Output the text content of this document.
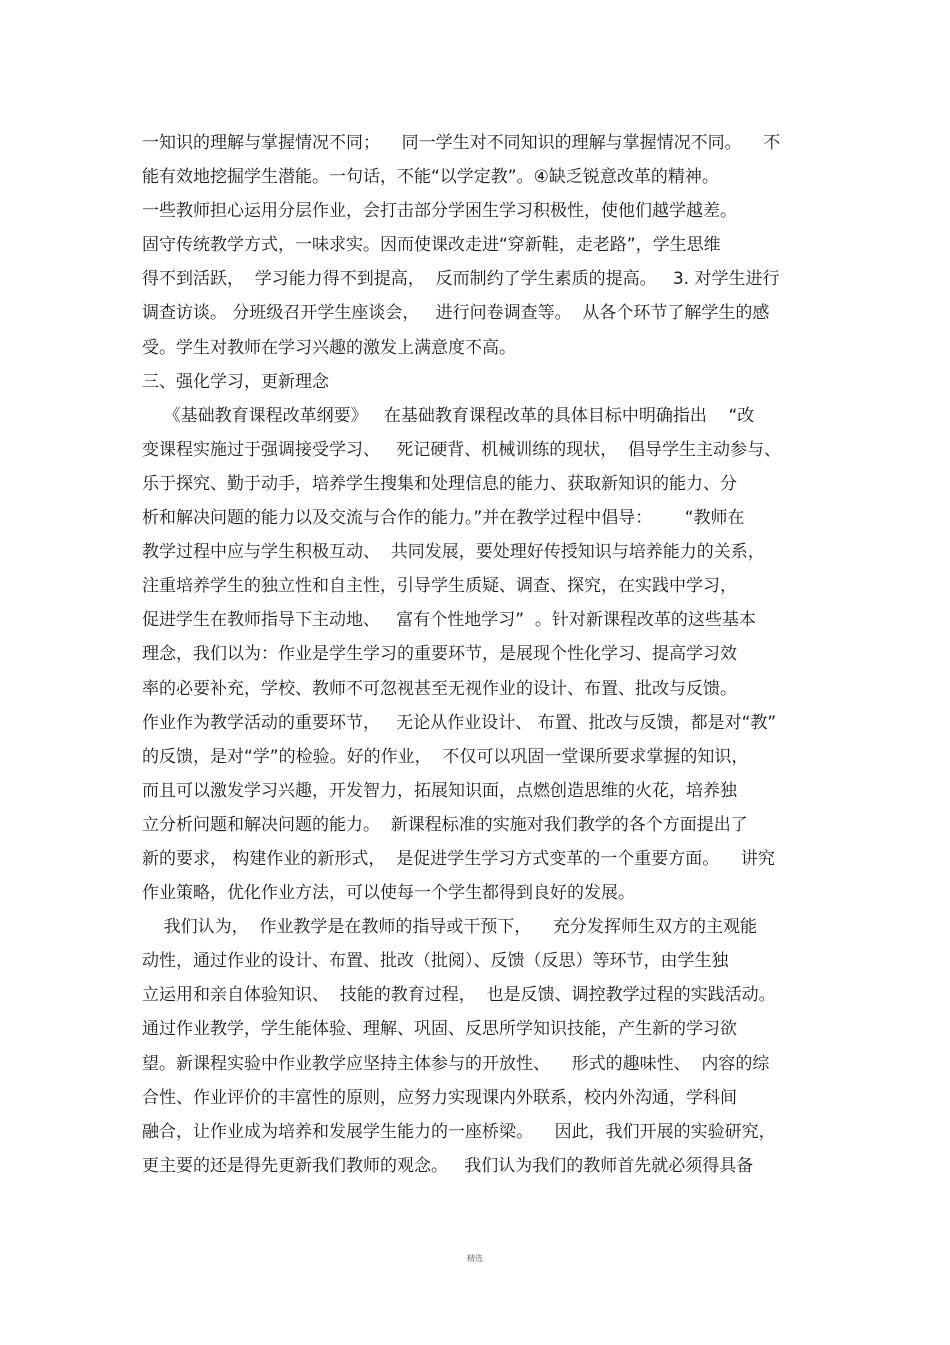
一知识的理解与掌握情况不同；    同一学生对不同知识的理解与掌握情况不同。    不
能有效地挖掘学生潜能。一句话，不能“以学定教”。④缺乏锐意改革的精神。
一些教师担心运用分层作业，会打击部分学困生学习积极性，使他们越学越差。
固守传统教学方式，一味求实。因而使课改走进“穿新鞋，走老路”，学生思维
得不到活跃，  学习能力得不到提高，  反而制约了学生素质的提高。   3. 对学生进行
调查访谈。 分班级召开学生座谈会，   进行问卷调查等。  从各个环节了解学生的感
受。学生对教师在学习兴趣的激发上满意度不高。
三、强化学习，更新理念
《基础教育课程改革纲要》   在基础教育课程改革的具体目标中明确指出    “改
变课程实施过于强调接受学习、   死记硬背、机械训练的现状，  倡导学生主动参与、
乐于探究、勤于动手，培养学生搜集和处理信息的能力、获取新知识的能力、分
析和解决问题的能力以及交流与合作的能力。”并在教学过程中倡导：      “教师在
教学过程中应与学生积极互动、  共同发展，要处理好传授知识与培养能力的关系，
注重培养学生的独立性和自主性，引导学生质疑、调查、探究，在实践中学习，
促进学生在教师指导下主动地、   富有个性地学习”  。针对新课程改革的这些基本
理念，我们以为：作业是学生学习的重要环节，是展现个性化学习、提高学习效
率的必要补充，学校、教师不可忽视甚至无视作业的设计、布置、批改与反馈。
作业作为教学活动的重要环节，   无论从作业设计、 布置、批改与反馈，都是对“教”
的反馈，是对“学”的检验。好的作业，  不仅可以巩固一堂课所要求掌握的知识，
而且可以激发学习兴趣，开发智力，拓展知识面，点燃创造思维的火花，培养独
立分析问题和解决问题的能力。  新课程标准的实施对我们教学的各个方面提出了
新的要求， 构建作业的新形式，  是促进学生学习方式变革的一个重要方面。    讲究
作业策略，优化作业方法，可以使每一个学生都得到良好的发展。
我们认为，  作业教学是在教师的指导或干预下，    充分发挥师生双方的主观能
动性，通过作业的设计、布置、批改（批阅）、反馈（反思）等环节，由学生独
立运用和亲自体验知识、  技能的教育过程，  也是反馈、调控教学过程的实践活动。
通过作业教学，学生能体验、理解、巩固、反思所学知识技能，产生新的学习欲
望。新课程实验中作业教学应坚持主体参与的开放性、    形式的趣味性、  内容的综
合性、作业评价的丰富性的原则，应努力实现课内外联系，校内外沟通，学科间
融合，让作业成为培养和发展学生能力的一座桥梁。    因此，我们开展的实验研究，
更主要的还是得先更新我们教师的观念。   我们认为我们的教师首先就必须得具备
精选
